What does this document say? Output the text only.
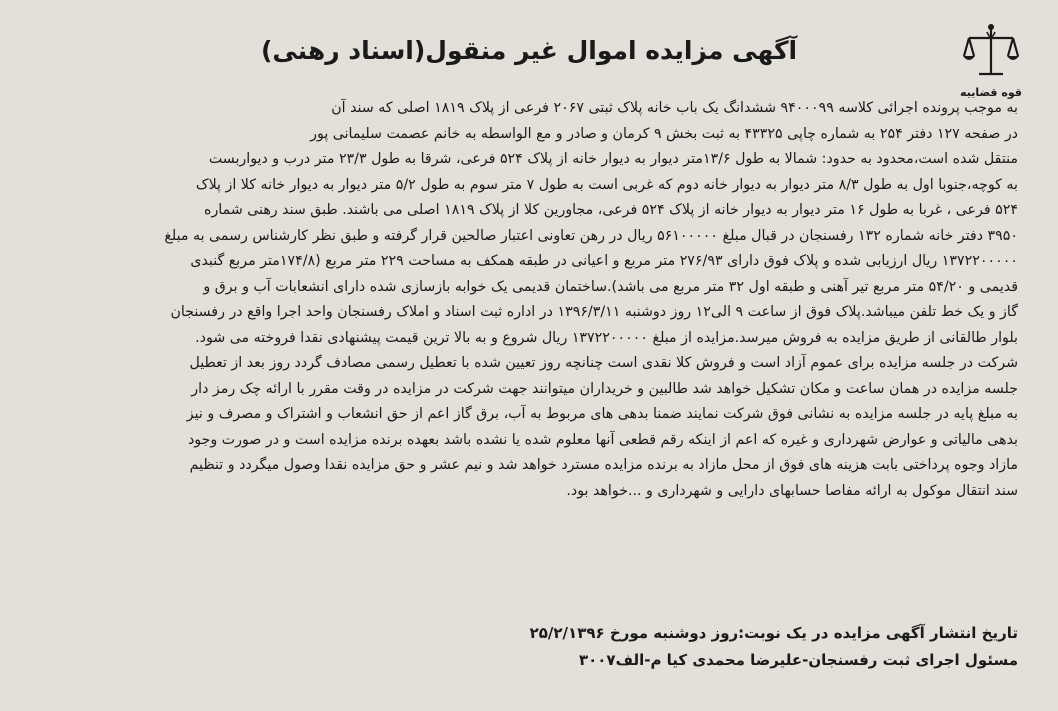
قوه قضاییه
آگهی مزایده اموال غیر منقول(اسناد رهنی)
به موجب پرونده اجرائی کلاسه ۹۴۰۰۰۹۹ ششدانگ یک باب خانه پلاک ثبتی ۲۰۶۷ فرعی از پلاک ۱۸۱۹ اصلی که سند آن
در صفحه ۱۲۷ دفتر ۲۵۴ به شماره چاپی ۴۳۳۲۵ به ثبت بخش ۹ کرمان و صادر و مع الواسطه به خانم عصمت سلیمانی پور
منتقل شده است،محدود به حدود: شمالا به طول ۱۳/۶متر دیوار به دیوار خانه از پلاک ۵۲۴ فرعی، شرقا به طول ۲۳/۳ متر درب و دیواربست
به کوچه،جنوبا اول به طول ۸/۳ متر دیوار به دیوار خانه دوم که غربی است به طول ۷ متر سوم به طول ۵/۲ متر دیوار به دیوار خانه کلا از پلاک
۵۲۴ فرعی ، غربا به طول ۱۶ متر دیوار به دیوار خانه از پلاک ۵۲۴ فرعی، مجاورین کلا از پلاک ۱۸۱۹ اصلی می باشند. طبق سند رهنی شماره
۳۹۵۰ دفتر خانه شماره ۱۳۲ رفسنجان در قبال مبلغ ۵۶۱۰۰۰۰۰ ریال در رهن تعاونی اعتبار صالحین قرار گرفته و طبق نظر کارشناس رسمی به مبلغ
۱۳۷۲۲۰۰۰۰۰ ریال ارزیابی شده و پلاک فوق دارای ۲۷۶/۹۳ متر مربع و اعیانی در طبقه همکف به مساحت ۲۲۹ متر مربع (۱۷۴/۸متر مربع گنبدی
قدیمی و ۵۴/۲۰ متر مربع تیر آهنی و طبقه اول ۳۲ متر مربع می باشد).ساختمان قدیمی یک خوابه بازسازی شده دارای انشعابات آب و برق و
گاز و یک خط تلفن میباشد.پلاک فوق از ساعت ۹ الی۱۲ روز دوشنبه ۱۳۹۶/۳/۱۱ در اداره ثبت اسناد و املاک رفسنجان واحد اجرا واقع در رفسنجان
بلوار طالقانی از طریق مزایده به فروش میرسد.مزایده از مبلغ ۱۳۷۲۲۰۰۰۰۰ ریال شروع و به بالا ترین قیمت پیشنهادی نقدا فروخته می شود.
شرکت در جلسه مزایده برای عموم آزاد است و فروش کلا نقدی است چنانچه روز تعیین شده با تعطیل رسمی مصادف گردد روز بعد از تعطیل
جلسه مزایده در همان ساعت و مکان تشکیل خواهد شد طالبین و خریداران میتوانند جهت شرکت در مزایده در وقت مقرر با ارائه چک رمز دار
به مبلغ پایه در جلسه مزایده به نشانی فوق شرکت نمایند ضمنا بدهی های مربوط به آب، برق گاز اعم از حق انشعاب و اشتراک و مصرف و نیز
بدهی مالیاتی و عوارض شهرداری و غیره که اعم از اینکه رقم قطعی آنها معلوم شده یا نشده باشد بعهده برنده مزایده است و در صورت وجود
مازاد وجوه پرداختی بابت هزینه های فوق از محل مازاد به برنده مزایده مسترد خواهد شد و نیم عشر و حق مزایده نقدا وصول میگردد و تنظیم
سند انتقال موکول به ارائه مفاصا حسابهای دارایی و شهرداری و ...خواهد بود.
تاریخ انتشار آگهی مزایده در یک نوبت:روز دوشنبه مورخ ۲۵/۲/۱۳۹۶
مسئول اجرای ثبت رفسنجان-علیرضا محمدی کیا م-الف۳۰۰۷
